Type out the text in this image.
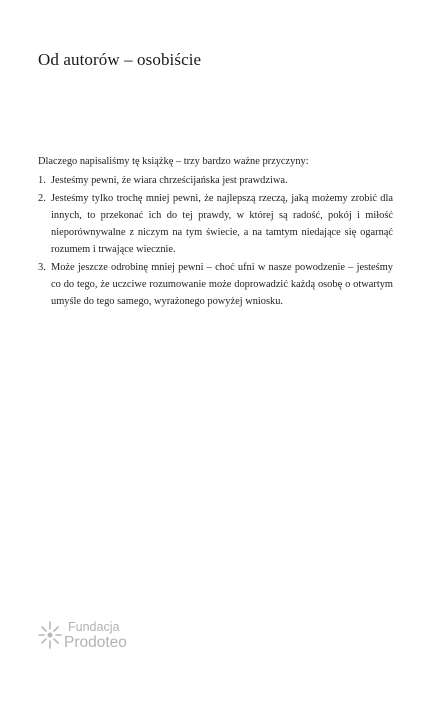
Od autorów – osobiście

Dlaczego napisaliśmy tę książkę – trzy bardzo ważne przyczyny:

1. Jesteśmy pewni, że wiara chrześcijańska jest prawdziwa.
2. Jesteśmy tylko trochę mniej pewni, że najlepszą rzeczą, jaką możemy zrobić dla innych, to przekonać ich do tej prawdy, w której są radość, pokój i miłość nieporównywalne z niczym na tym świecie, a na tamtym niedające się ogarnąć rozumem i trwające wiecznie.
3. Może jeszcze odrobinę mniej pewni – choć ufni w nasze powodzenie – jesteśmy co do tego, że uczciwe rozumowanie może doprowadzić każdą osobę o otwartym umyśle do tego samego, wyrażonego powyżej wniosku.
Fundacja
Prodoteo
